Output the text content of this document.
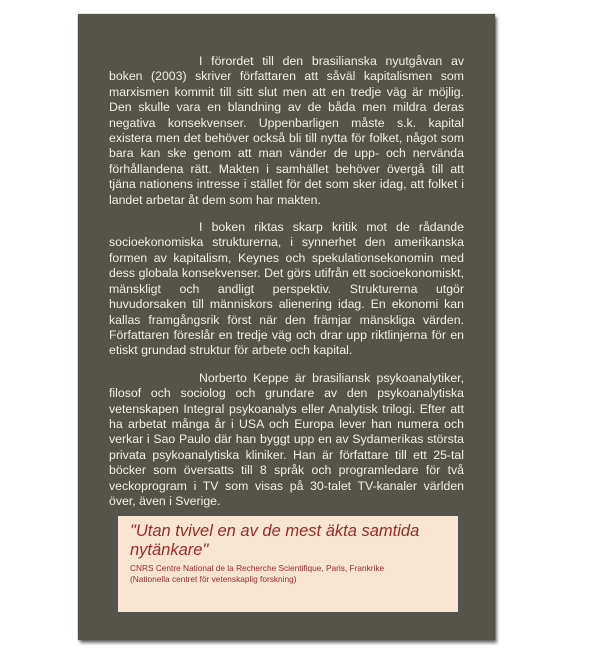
I förordet till den brasilianska nyutgåvan av boken (2003) skriver författaren att såväl kapitalismen som marxismen kommit till sitt slut men att en tredje väg är möjlig. Den skulle vara en blandning av de båda men mildra deras negativa konsekvenser. Uppenbarligen måste s.k. kapital existera men det behöver också bli till nytta för folket, något som bara kan ske genom att man vänder de upp- och nervända förhållandena rätt. Makten i samhället behöver övergå till att tjäna nationens intresse i stället för det som sker idag, att folket i landet arbetar åt dem som har makten.

I boken riktas skarp kritik mot de rådande socioekonomiska strukturerna, i synnerhet den amerikanska formen av kapitalism, Keynes och spekulationsekonomin med dess globala konsekvenser. Det görs utifrån ett socioekonomiskt, mänskligt och andligt perspektiv. Strukturerna utgör huvudorsaken till människors alienering idag. En ekonomi kan kallas framgångsrik först när den främjar mänskliga värden. Författaren föreslår en tredje väg och drar upp riktlinjerna för en etiskt grundad struktur för arbete och kapital.

Norberto Keppe är brasiliansk psykoanalytiker, filosof och sociolog och grundare av den psykoanalytiska vetenskapen Integral psykoanalys eller Analytisk trilogi. Efter att ha arbetat många år i USA och Europa lever han numera och verkar i Sao Paulo där han byggt upp en av Sydamerikas största privata psykoanalytiska kliniker. Han är författare till ett 25-tal böcker som översatts till 8 språk och programledare för två veckoprogram i TV som visas på 30-talet TV-kanaler världen över, även i Sverige.

"Utan tvivel en av de mest äkta samtida nytänkare"

CNRS Centre National de la Recherche Scientifique, Paris, Frankrike
(Nationella centret för vetenskaplig forskning)
